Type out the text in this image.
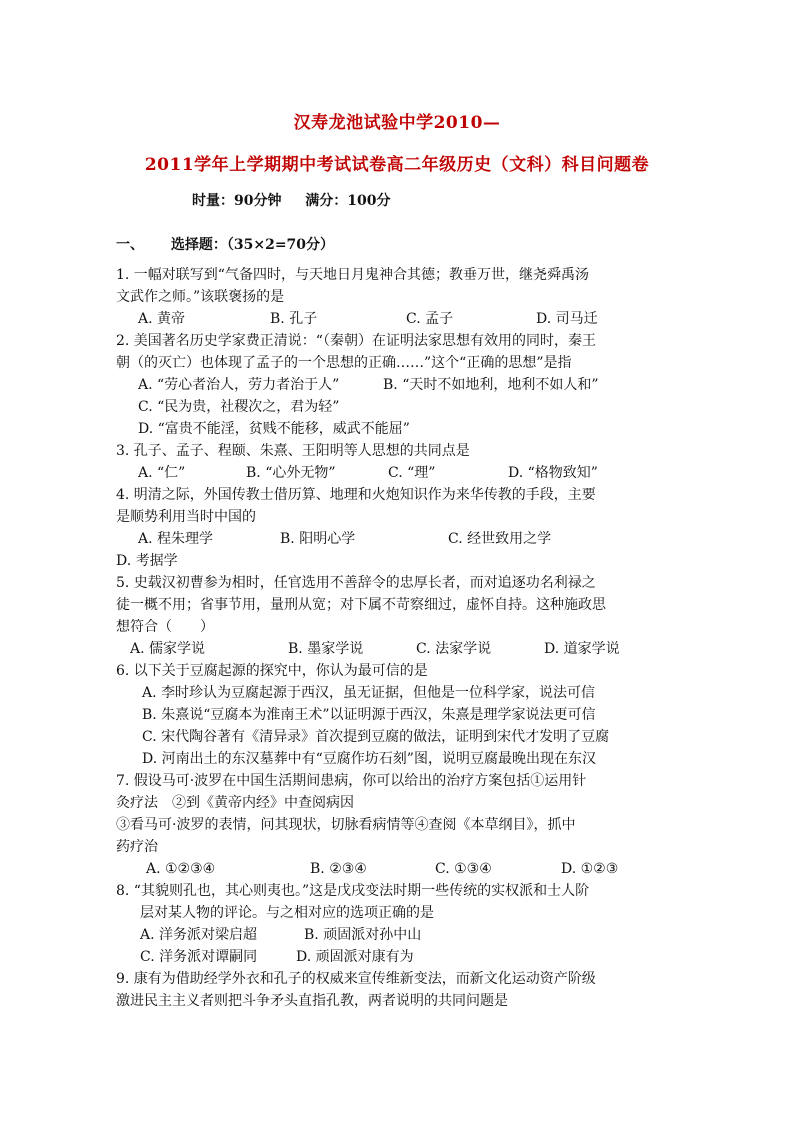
汉寿龙池试验中学2010—
2011学年上学期期中考试试卷高二年级历史（文科）科目问题卷
时量：90分钟 满分：100分
一、 选择题：（35×2=70分）
1. 一幅对联写到“气备四时，与天地日月鬼神合其德；教垂万世，继尧舜禹汤
文武作之师。”该联褒扬的是
A. 黄帝	B. 孔子	C. 孟子	D. 司马迁
2. 美国著名历史学家费正清说：“（秦朝）在证明法家思想有效用的同时，秦王
朝（的灭亡）也体现了孟子的一个思想的正确……”这个“正确的思想”是指
A. “劳心者治人，劳力者治于人”	B. “天时不如地利，地利不如人和”
C. “民为贵，社稷次之，君为轻”
D. “富贵不能淫，贫贱不能移，威武不能屈”
3. 孔子、孟子、程颐、朱熹、王阳明等人思想的共同点是
A. “仁”	B. “心外无物”	C. “理”	D. “格物致知”
4. 明清之际，外国传教士借历算、地理和火炮知识作为来华传教的手段，主要
是顺势利用当时中国的
A. 程朱理学	B. 阳明心学	C. 经世致用之学
D. 考据学
5. 史载汉初曹参为相时，任官选用不善辞令的忠厚长者，而对追逐功名利禄之
徒一概不用；省事节用，量刑从宽；对下属不苛察细过，虚怀自持。这种施政思
想符合（　　）
A. 儒家学说	B. 墨家学说	C. 法家学说	D. 道家学说
6. 以下关于豆腐起源的探究中，你认为最可信的是
A. 李时珍认为豆腐起源于西汉，虽无证据，但他是一位科学家，说法可信
B. 朱熹说“豆腐本为淮南王术”以证明源于西汉，朱熹是理学家说法更可信
C. 宋代陶谷著有《清异录》首次提到豆腐的做法，证明到宋代才发明了豆腐
D. 河南出土的东汉墓葬中有“豆腐作坊石刻”图，说明豆腐最晚出现在东汉
7. 假设马可·波罗在中国生活期间患病，你可以给出的治疗方案包括①运用针
灸疗法　②到《黄帝内经》中查阅病因
③看马可·波罗的表情，问其现状，切脉看病情等④查阅《本草纲目》，抓中
药疗治
A. ①②③④	B. ②③④	C. ①③④	D. ①②③
8. “其貌则孔也，其心则夷也。”这是戊戌变法时期一些传统的实权派和士人阶
层对某人物的评论。与之相对应的选项正确的是
A. 洋务派对梁启超	B. 顽固派对孙中山
C. 洋务派对谭嗣同	D. 顽固派对康有为
9. 康有为借助经学外衣和孔子的权威来宣传维新变法，而新文化运动资产阶级
激进民主主义者则把斗争矛头直指孔教，两者说明的共同问题是
